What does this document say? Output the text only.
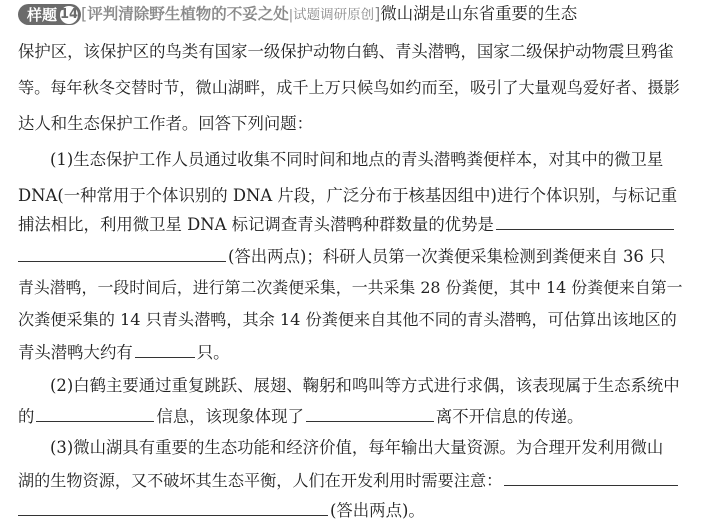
样题 14 [评判清除野生植物的不妥之处|试题调研原创]微山湖是山东省重要的生态
保护区，该保护区的鸟类有国家一级保护动物白鹤、青头潜鸭，国家二级保护动物震旦鸦雀
等。每年秋冬交替时节，微山湖畔，成千上万只候鸟如约而至，吸引了大量观鸟爱好者、摄影
达人和生态保护工作者。回答下列问题：
(1)生态保护工作人员通过收集不同时间和地点的青头潜鸭粪便样本，对其中的微卫星
DNA(一种常用于个体识别的 DNA 片段，广泛分布于核基因组中)进行个体识别，与标记重
捕法相比，利用微卫星 DNA 标记调查青头潜鸭种群数量的优势是
(答出两点)；科研人员第一次粪便采集检测到粪便来自 36 只
青头潜鸭，一段时间后，进行第二次粪便采集，一共采集 28 份粪便，其中 14 份粪便来自第一
次粪便采集的 14 只青头潜鸭，其余 14 份粪便来自其他不同的青头潜鸭，可估算出该地区的
青头潜鸭大约有	只。
(2)白鹤主要通过重复跳跃、展翅、鞠躬和鸣叫等方式进行求偶，该表现属于生态系统中
的	信息，该现象体现了	离不开信息的传递。
(3)微山湖具有重要的生态功能和经济价值，每年输出大量资源。为合理开发利用微山
湖的生物资源，又不破坏其生态平衡，人们在开发利用时需要注意：
(答出两点)。
